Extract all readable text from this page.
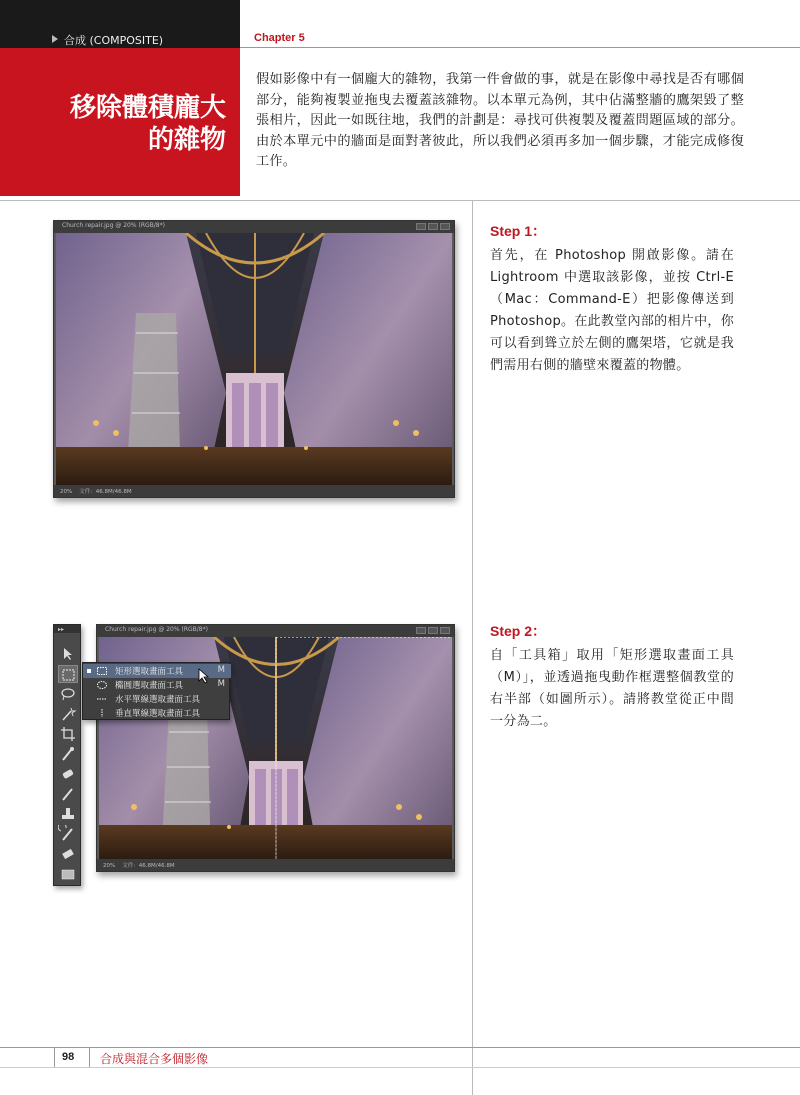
合成 (COMPOSITE)	Chapter 5
移除體積龐大
的雜物
假如影像中有一個龐大的雜物，我第一件會做的事，就是在影像中尋找是否有哪個部分，能夠複製並拖曳去覆蓋該雜物。以本單元為例，其中佔滿整牆的鷹架毀了整張相片，因此一如既往地，我們的計劃是：尋找可供複製及覆蓋問題區域的部分。由於本單元中的牆面是面對著彼此，所以我們必須再多加一個步驟，才能完成修復工作。
Church repair.jpg @ 20% (RGB/8*)
20% 文件：46.8M/46.8M
Step 1：
首先，在 Photoshop 開啟影像。請在 Lightroom 中選取該影像，並按 Ctrl-E（Mac：Command-E）把影像傳送到 Photoshop。在此教堂內部的相片中，你可以看到聳立於左側的鷹架塔，它就是我們需用右側的牆壁來覆蓋的物體。
▸▸	Church repair.jpg @ 20% (RGB/8*)
20% 文件：46.8M/46.8M
矩形選取畫面工具	M
橢圓選取畫面工具	M
水平單線選取畫面工具
垂直單線選取畫面工具
Step 2：
自「工具箱」取用「矩形選取畫面工具（M）」，並透過拖曳動作框選整個教堂的右半部（如圖所示）。請將教堂從正中間一分為二。
98 合成與混合多個影像
